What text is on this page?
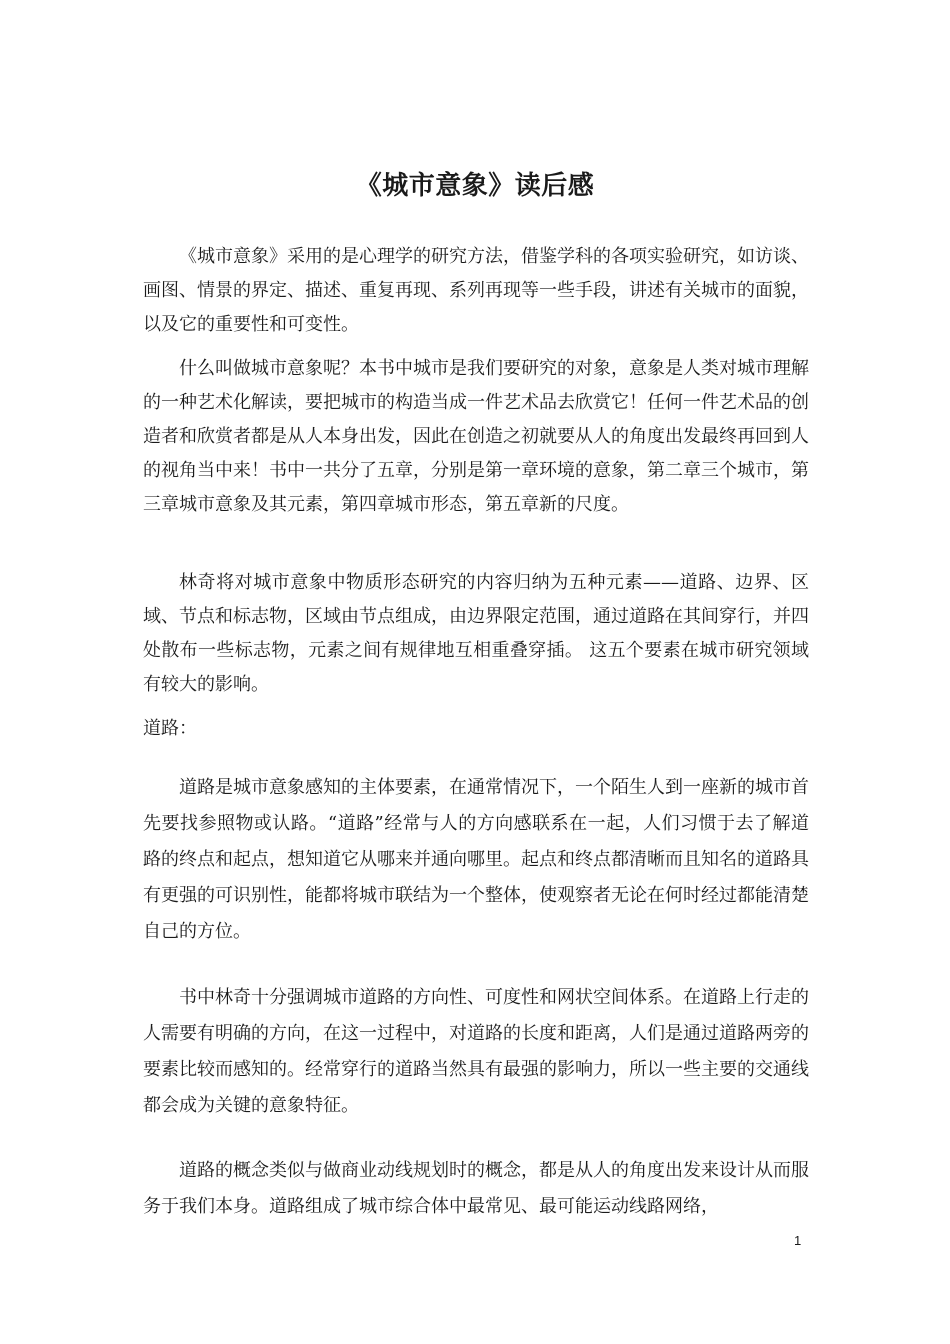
《城市意象》读后感

《城市意象》采用的是心理学的研究方法，借鉴学科的各项实验研究，如访谈、画图、情景的界定、描述、重复再现、系列再现等一些手段，讲述有关城市的面貌，以及它的重要性和可变性。

什么叫做城市意象呢？本书中城市是我们要研究的对象，意象是人类对城市理解的一种艺术化解读，要把城市的构造当成一件艺术品去欣赏它！任何一件艺术品的创造者和欣赏者都是从人本身出发，因此在创造之初就要从人的角度出发最终再回到人的视角当中来！书中一共分了五章，分别是第一章环境的意象，第二章三个城市，第三章城市意象及其元素，第四章城市形态，第五章新的尺度。

林奇将对城市意象中物质形态研究的内容归纳为五种元素——道路、边界、区域、节点和标志物，区域由节点组成，由边界限定范围，通过道路在其间穿行，并四处散布一些标志物，元素之间有规律地互相重叠穿插。 这五个要素在城市研究领域有较大的影响。

道路：

道路是城市意象感知的主体要素，在通常情况下，一个陌生人到一座新的城市首先要找参照物或认路。“道路”经常与人的方向感联系在一起，人们习惯于去了解道路的终点和起点，想知道它从哪来并通向哪里。起点和终点都清晰而且知名的道路具有更强的可识别性，能都将城市联结为一个整体，使观察者无论在何时经过都能清楚自己的方位。

书中林奇十分强调城市道路的方向性、可度性和网状空间体系。在道路上行走的人需要有明确的方向，在这一过程中，对道路的长度和距离，人们是通过道路两旁的要素比较而感知的。经常穿行的道路当然具有最强的影响力，所以一些主要的交通线都会成为关键的意象特征。

道路的概念类似与做商业动线规划时的概念，都是从人的角度出发来设计从而服务于我们本身。道路组成了城市综合体中最常见、最可能运动线路网络，

1
